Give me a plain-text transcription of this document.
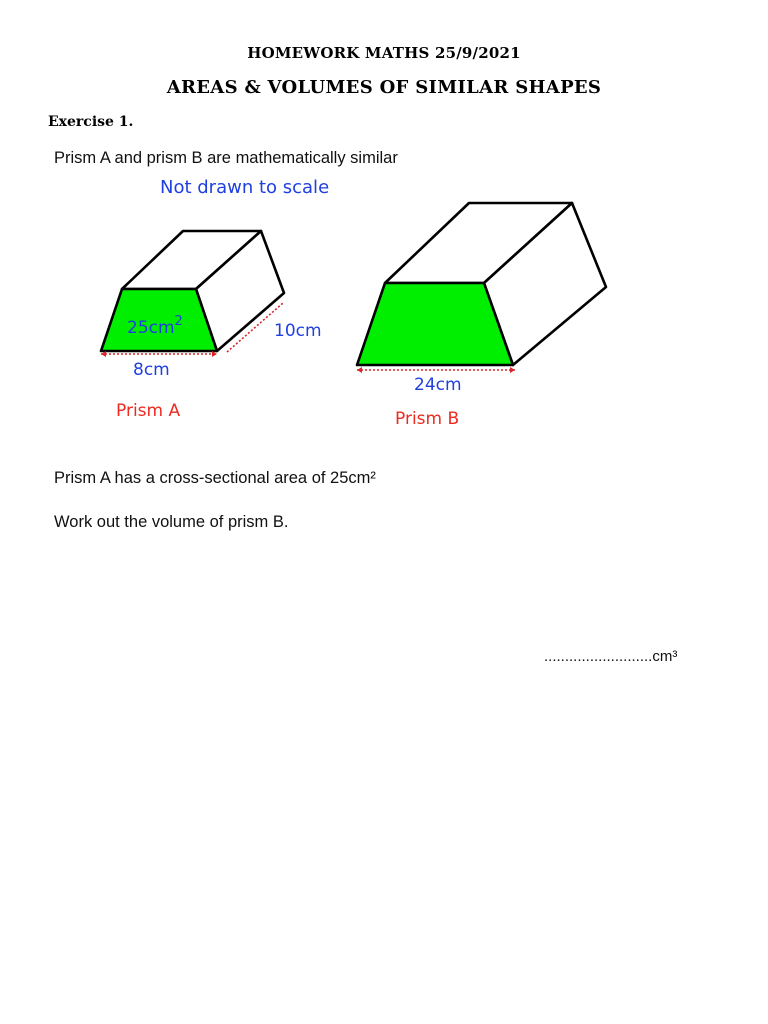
HOMEWORK MATHS 25/9/2021
AREAS & VOLUMES OF SIMILAR SHAPES
Exercise 1.
Prism A and prism B are mathematically similar
Not drawn to scale
$25cm^2$
8cm
10cm
Prism A
24cm
Prism B
Prism A has a cross-sectional area of 25cm²
Work out the volume of prism B.
..........................cm³
